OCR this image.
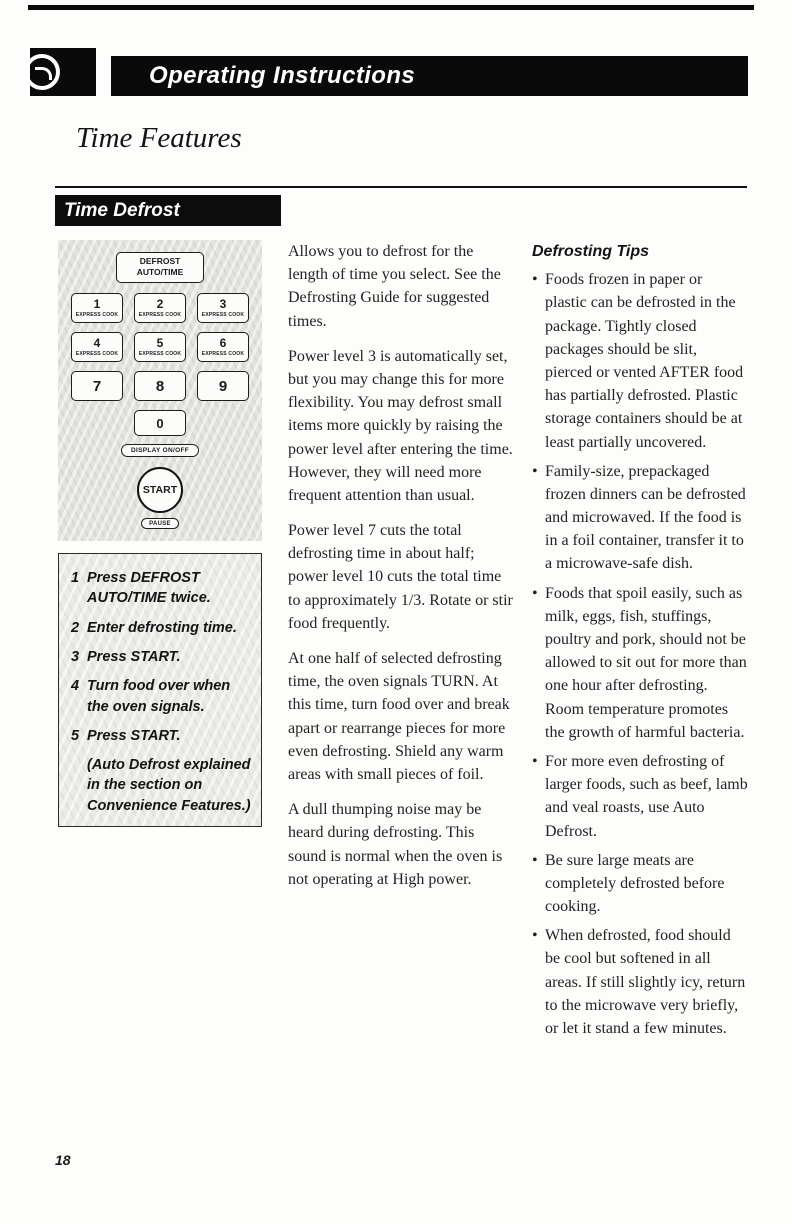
Operating Instructions
Time Features
Time Defrost
DEFROST
AUTO/TIME
1
EXPRESS COOK
2
EXPRESS COOK
3
EXPRESS COOK
4
EXPRESS COOK
5
EXPRESS COOK
6
EXPRESS COOK
7	8	9
0
DISPLAY ON/OFF
START
PAUSE
1 Press DEFROST AUTO/TIME twice.
2 Enter defrosting time.
3 Press START.
4 Turn food over when the oven signals.
5 Press START.

(Auto Defrost explained in the section on Convenience Features.)

Allows you to defrost for the length of time you select. See the Defrosting Guide for suggested times.

Power level 3 is automatically set, but you may change this for more flexibility. You may defrost small items more quickly by raising the power level after entering the time. However, they will need more frequent attention than usual.

Power level 7 cuts the total defrosting time in about half; power level 10 cuts the total time to approximately 1/3. Rotate or stir food frequently.

At one half of selected defrosting time, the oven signals TURN. At this time, turn food over and break apart or rearrange pieces for more even defrosting. Shield any warm areas with small pieces of foil.

A dull thumping noise may be heard during defrosting. This sound is normal when the oven is not operating at High power.

Defrosting Tips
• Foods frozen in paper or plastic can be defrosted in the package. Tightly closed packages should be slit, pierced or vented AFTER food has partially defrosted. Plastic storage containers should be at least partially uncovered.
• Family-size, prepackaged frozen dinners can be defrosted and microwaved. If the food is in a foil container, transfer it to a microwave-safe dish.
• Foods that spoil easily, such as milk, eggs, fish, stuffings, poultry and pork, should not be allowed to sit out for more than one hour after defrosting. Room temperature promotes the growth of harmful bacteria.
• For more even defrosting of larger foods, such as beef, lamb and veal roasts, use Auto Defrost.
• Be sure large meats are completely defrosted before cooking.
• When defrosted, food should be cool but softened in all areas. If still slightly icy, return to the microwave very briefly, or let it stand a few minutes.
18
